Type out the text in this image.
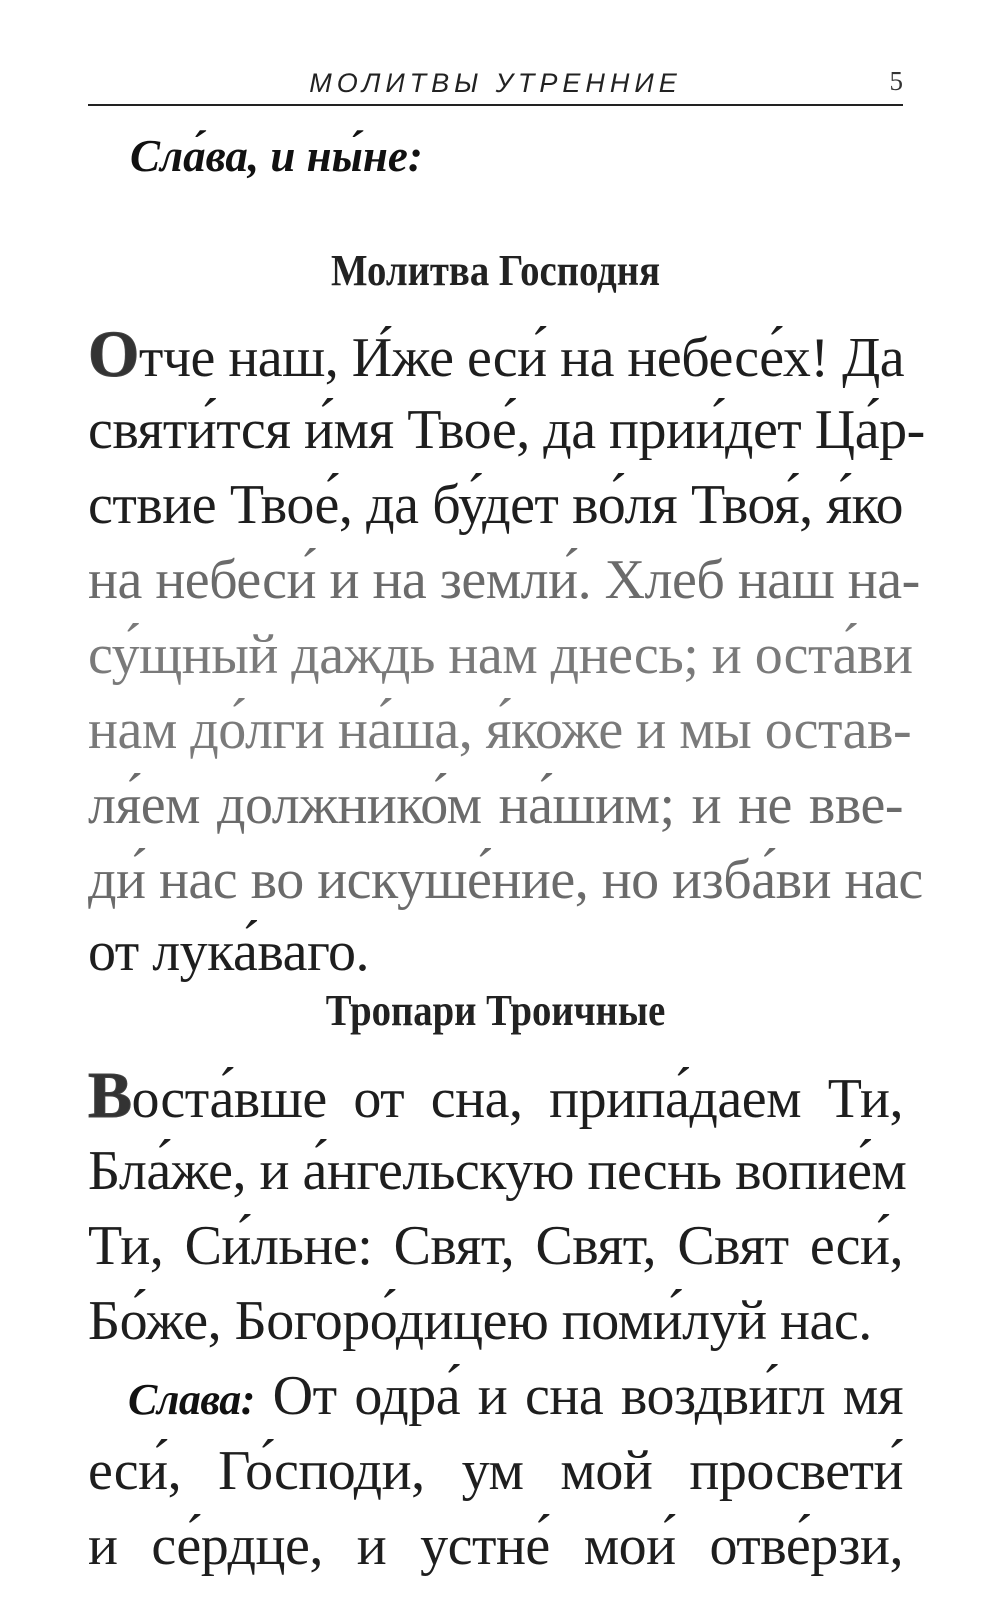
МОЛИТВЫ УТРЕННИЕ	5
Сла́ва, и ны́не:
Молитва Господня
Отче наш, И́же еси́ на небесе́х! Да
святи́тся и́мя Твое́, да прии́дет Ца́р-
ствие Твое́, да бу́дет во́ля Твоя́, я́ко
на небеси́ и на земли́. Хлеб наш на-
су́щный даждь нам днесь; и оста́ви
нам до́лги на́ша, я́коже и мы остав-
ля́ем должнико́м на́шим; и не вве-
ди́ нас во искуше́ние, но изба́ви нас
от лука́ваго.
Тропари Троичные
Воста́вше от сна, припа́даем Ти,
Бла́же, и а́нгельскую песнь вопие́м
Ти, Си́льне: Свят, Свят, Свят еси́,
Бо́же, Богоро́дицею поми́луй нас.
Слава: От одра́ и сна воздви́гл мя
еси́, Го́споди, ум мой просвети́
и се́рдце, и устне́ мои́ отве́рзи,
